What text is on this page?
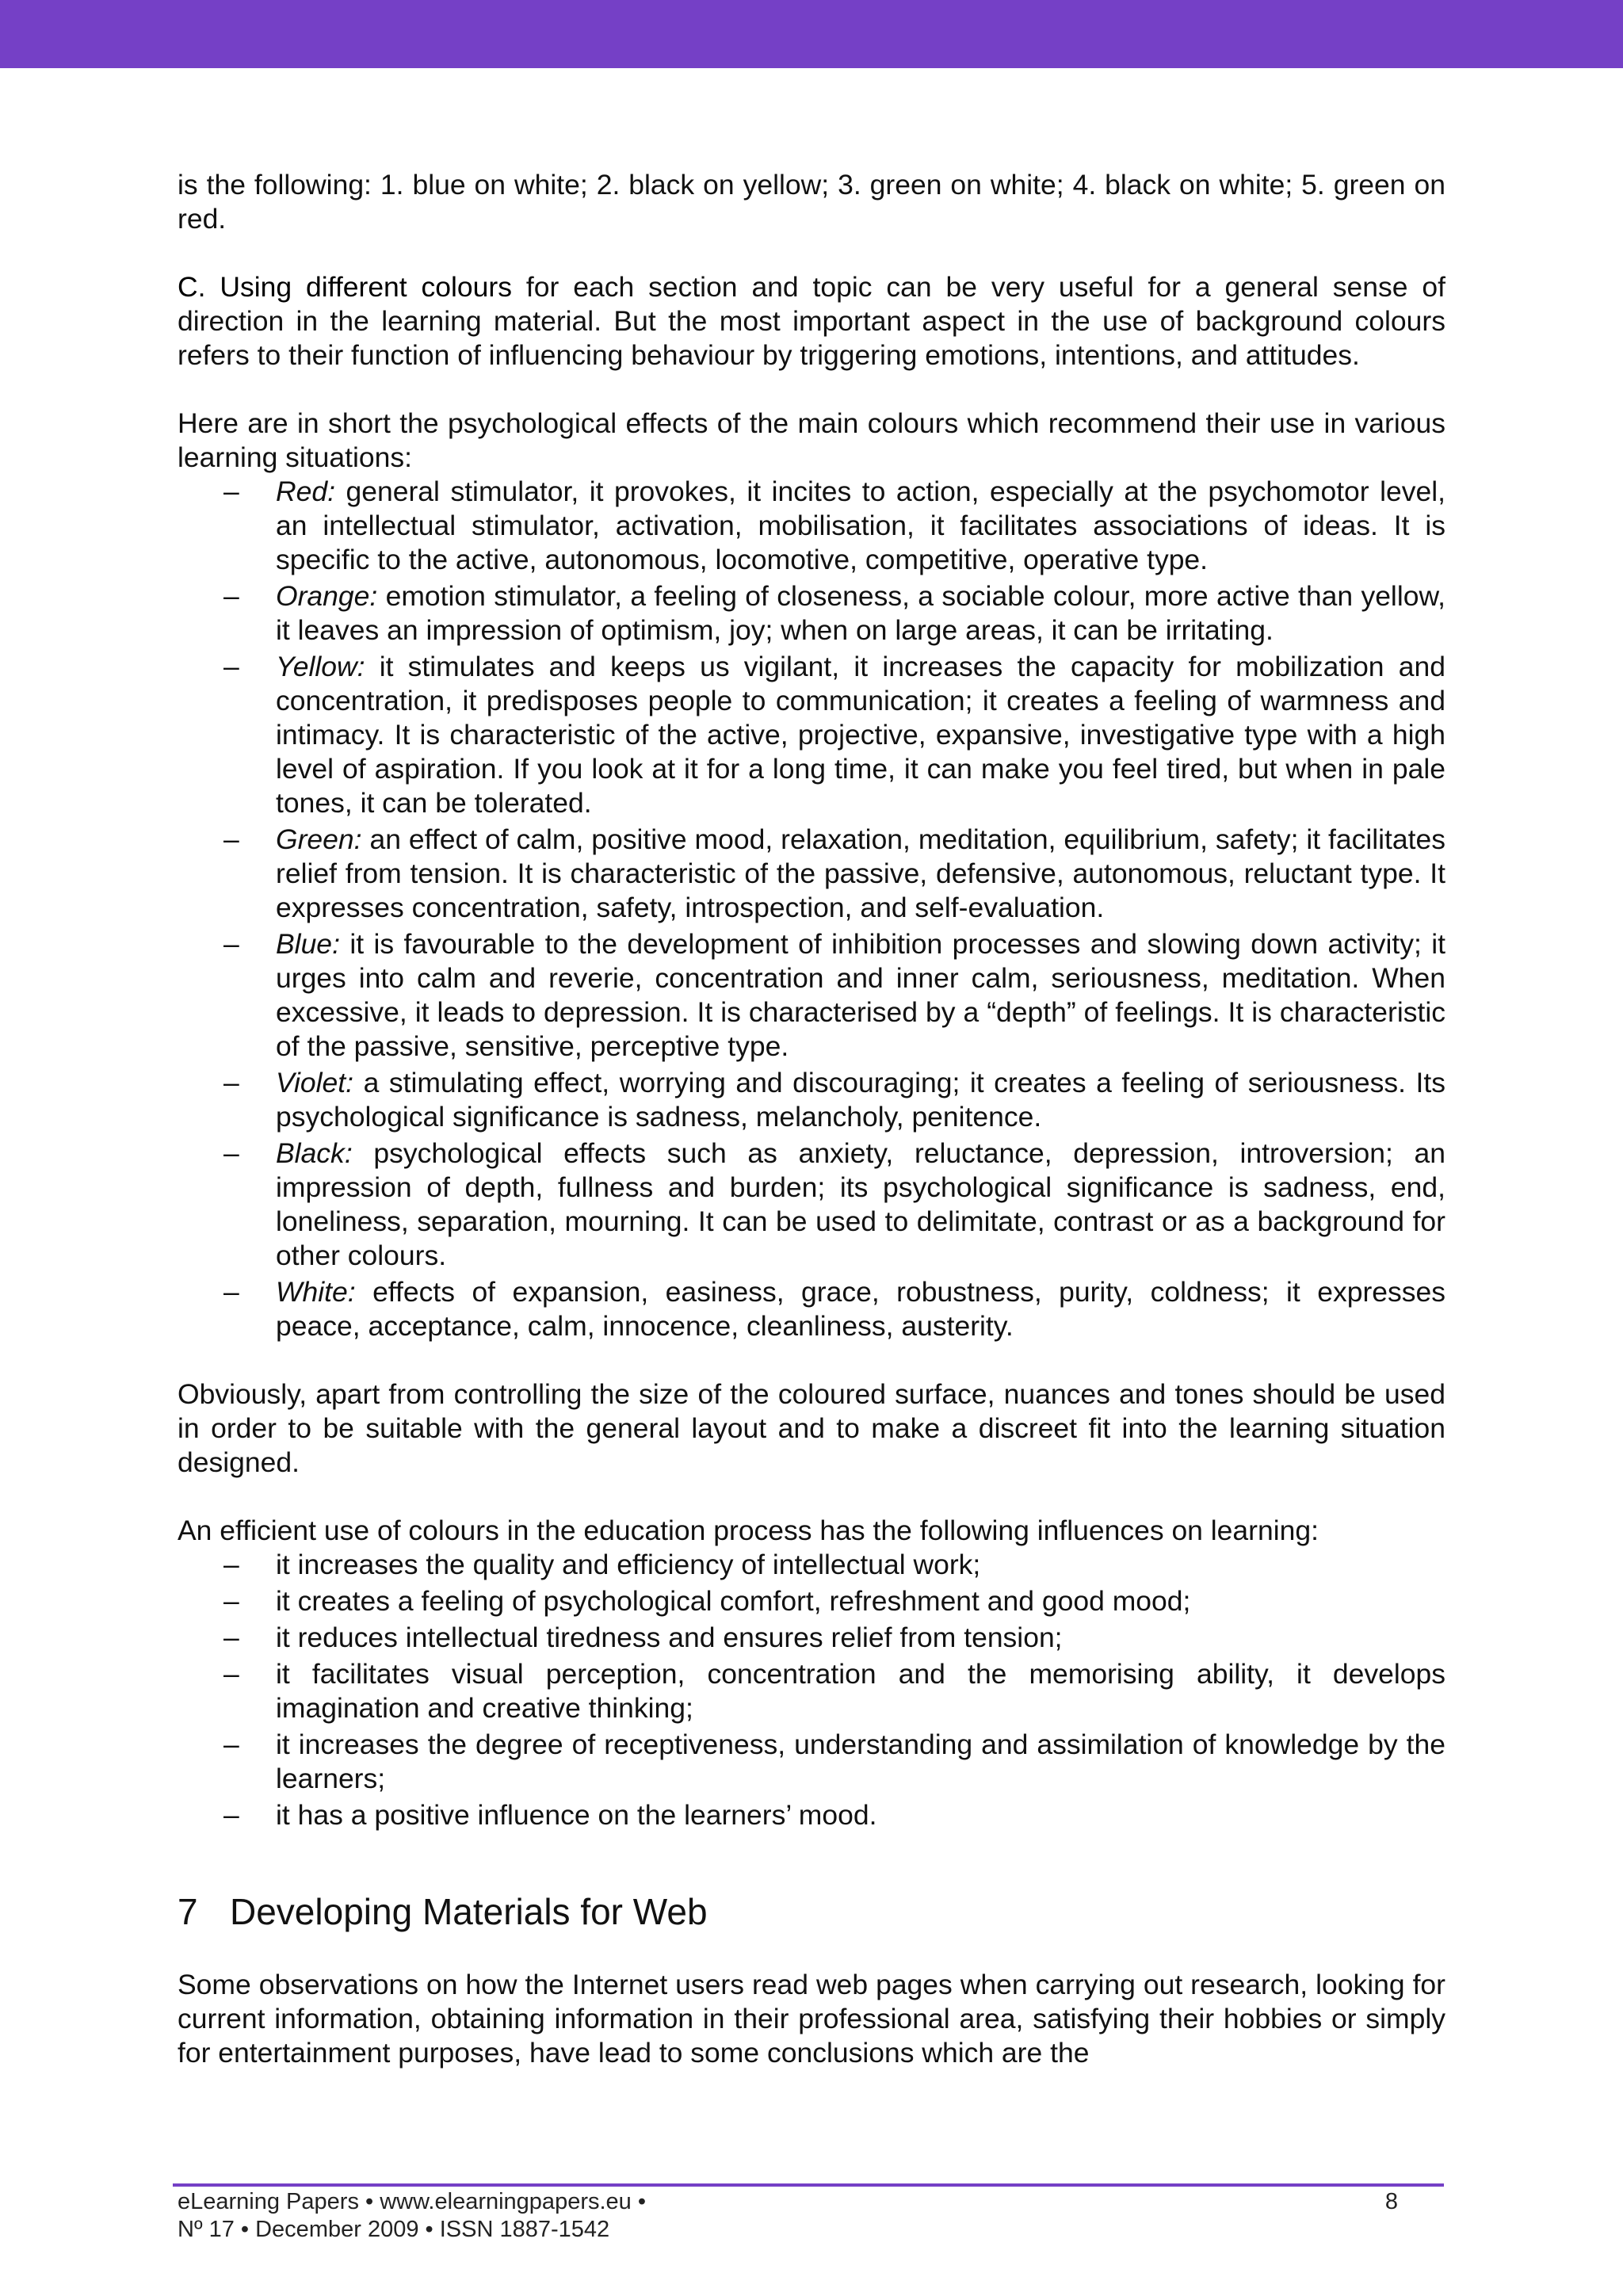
is the following: 1. blue on white; 2. black on yellow; 3. green on white; 4. black on white; 5. green on red.

C. Using different colours for each section and topic can be very useful for a general sense of direction in the learning material. But the most important aspect in the use of background colours refers to their function of influencing behaviour by triggering emotions, intentions, and attitudes.

Here are in short the psychological effects of the main colours which recommend their use in various learning situations:

– Red: general stimulator, it provokes, it incites to action, especially at the psychomotor level, an intellectual stimulator, activation, mobilisation, it facilitates associations of ideas. It is specific to the active, autonomous, locomotive, competitive, operative type.
– Orange: emotion stimulator, a feeling of closeness, a sociable colour, more active than yellow, it leaves an impression of optimism, joy; when on large areas, it can be irritating.
– Yellow: it stimulates and keeps us vigilant, it increases the capacity for mobilization and concentration, it predisposes people to communication; it creates a feeling of warmness and intimacy. It is characteristic of the active, projective, expansive, investigative type with a high level of aspiration. If you look at it for a long time, it can make you feel tired, but when in pale tones, it can be tolerated.
– Green: an effect of calm, positive mood, relaxation, meditation, equilibrium, safety; it facilitates relief from tension. It is characteristic of the passive, defensive, autonomous, reluctant type. It expresses concentration, safety, introspection, and self-evaluation.
– Blue: it is favourable to the development of inhibition processes and slowing down activity; it urges into calm and reverie, concentration and inner calm, seriousness, meditation. When excessive, it leads to depression. It is characterised by a “depth” of feelings. It is characteristic of the passive, sensitive, perceptive type.
– Violet: a stimulating effect, worrying and discouraging; it creates a feeling of seriousness. Its psychological significance is sadness, melancholy, penitence.
– Black: psychological effects such as anxiety, reluctance, depression, introversion; an impression of depth, fullness and burden; its psychological significance is sadness, end, loneliness, separation, mourning. It can be used to delimitate, contrast or as a background for other colours.
– White: effects of expansion, easiness, grace, robustness, purity, coldness; it expresses peace, acceptance, calm, innocence, cleanliness, austerity.

Obviously, apart from controlling the size of the coloured surface, nuances and tones should be used in order to be suitable with the general layout and to make a discreet fit into the learning situation designed.

An efficient use of colours in the education process has the following influences on learning:

– it increases the quality and efficiency of intellectual work;
– it creates a feeling of psychological comfort, refreshment and good mood;
– it reduces intellectual tiredness and ensures relief from tension;
– it facilitates visual perception, concentration and the memorising ability, it develops imagination and creative thinking;
– it increases the degree of receptiveness, understanding and assimilation of knowledge by the learners;
– it has a positive influence on the learners’ mood.
7 Developing Materials for Web

Some observations on how the Internet users read web pages when carrying out research, looking for current information, obtaining information in their professional area, satisfying their hobbies or simply for entertainment purposes, have lead to some conclusions which are the

eLearning Papers • www.elearningpapers.eu •
Nº 17 • December 2009 • ISSN 1887-1542
8
